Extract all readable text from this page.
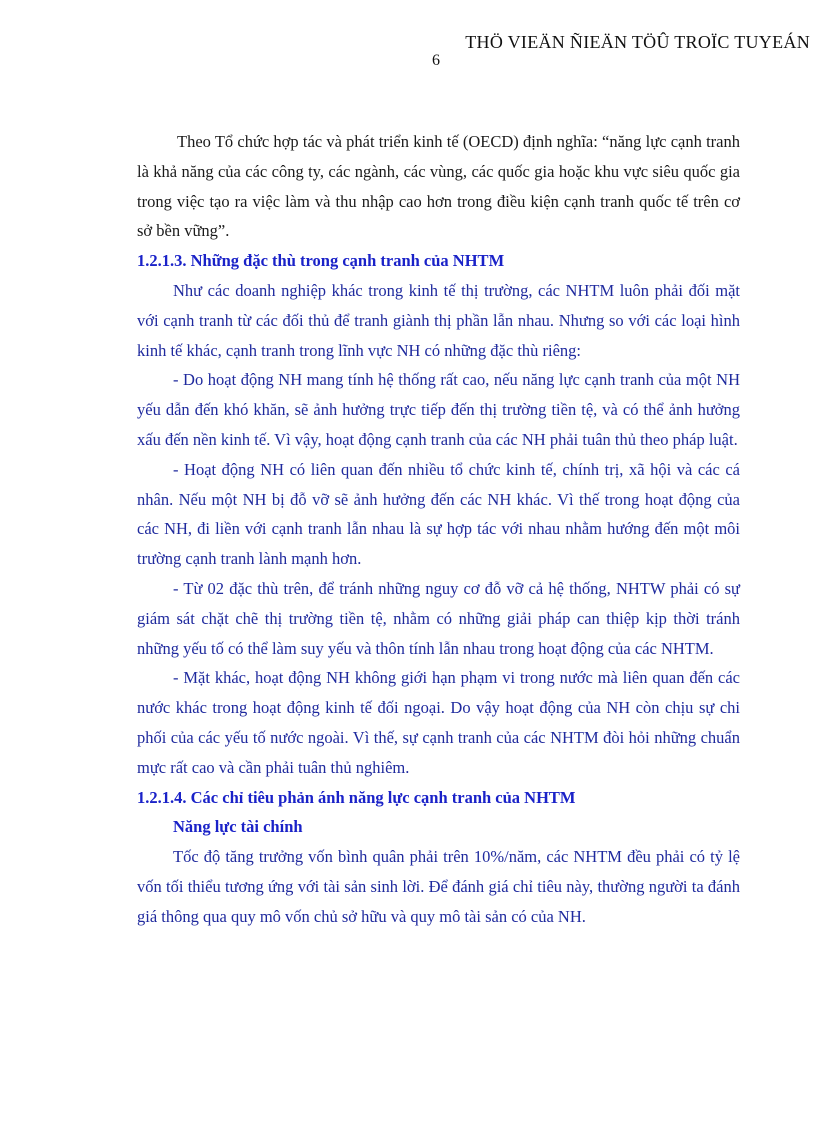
THÖ VIEÄN ÑIEÄN TÖÛ TROÏC TUYEÁN
6

Theo Tổ chức hợp tác và phát triển kinh tế (OECD) định nghĩa: “năng lực cạnh tranh là khả năng của các công ty, các ngành, các vùng, các quốc gia hoặc khu vực siêu quốc gia trong việc tạo ra việc làm và thu nhập cao hơn trong điều kiện cạnh tranh quốc tế trên cơ sở bền vững”.

1.2.1.3. Những đặc thù trong cạnh tranh của NHTM

Như các doanh nghiệp khác trong kinh tế thị trường, các NHTM luôn phải đối mặt với cạnh tranh từ các đối thủ để tranh giành thị phần lẫn nhau. Nhưng so với các loại hình kinh tế khác, cạnh tranh trong lĩnh vực NH có những đặc thù riêng:

- Do hoạt động NH mang tính hệ thống rất cao, nếu năng lực cạnh tranh của một NH yếu dẫn đến khó khăn, sẽ ảnh hưởng trực tiếp đến thị trường tiền tệ, và có thể ảnh hưởng xấu đến nền kinh tế. Vì vậy, hoạt động cạnh tranh của các NH phải tuân thủ theo pháp luật.

- Hoạt động NH có liên quan đến nhiều tổ chức kinh tế, chính trị, xã hội và các cá nhân. Nếu một NH bị đỗ vỡ sẽ ảnh hưởng đến các NH khác. Vì thế trong hoạt động của các NH, đi liền với cạnh tranh lẫn nhau là sự hợp tác với nhau nhằm hướng đến một môi trường cạnh tranh lành mạnh hơn.

- Từ 02 đặc thù trên, để tránh những nguy cơ đỗ vỡ cả hệ thống, NHTW phải có sự giám sát chặt chẽ thị trường tiền tệ, nhằm có những giải pháp can thiệp kịp thời tránh những yếu tố có thể làm suy yếu và thôn tính lẫn nhau trong hoạt động của các NHTM.

- Mặt khác, hoạt động NH không giới hạn phạm vi trong nước mà liên quan đến các nước khác trong hoạt động kinh tế đối ngoại. Do vậy hoạt động của NH còn chịu sự chi phối của các yếu tố nước ngoài. Vì thế, sự cạnh tranh của các NHTM đòi hỏi những chuẩn mực rất cao và cần phải tuân thủ nghiêm.

1.2.1.4. Các chỉ tiêu phản ánh năng lực cạnh tranh của NHTM

Năng lực tài chính

Tốc độ tăng trưởng vốn bình quân phải trên 10%/năm, các NHTM đều phải có tỷ lệ vốn tối thiểu tương ứng với tài sản sinh lời. Để đánh giá chỉ tiêu này, thường người ta đánh giá thông qua quy mô vốn chủ sở hữu và quy mô tài sản có của NH.
